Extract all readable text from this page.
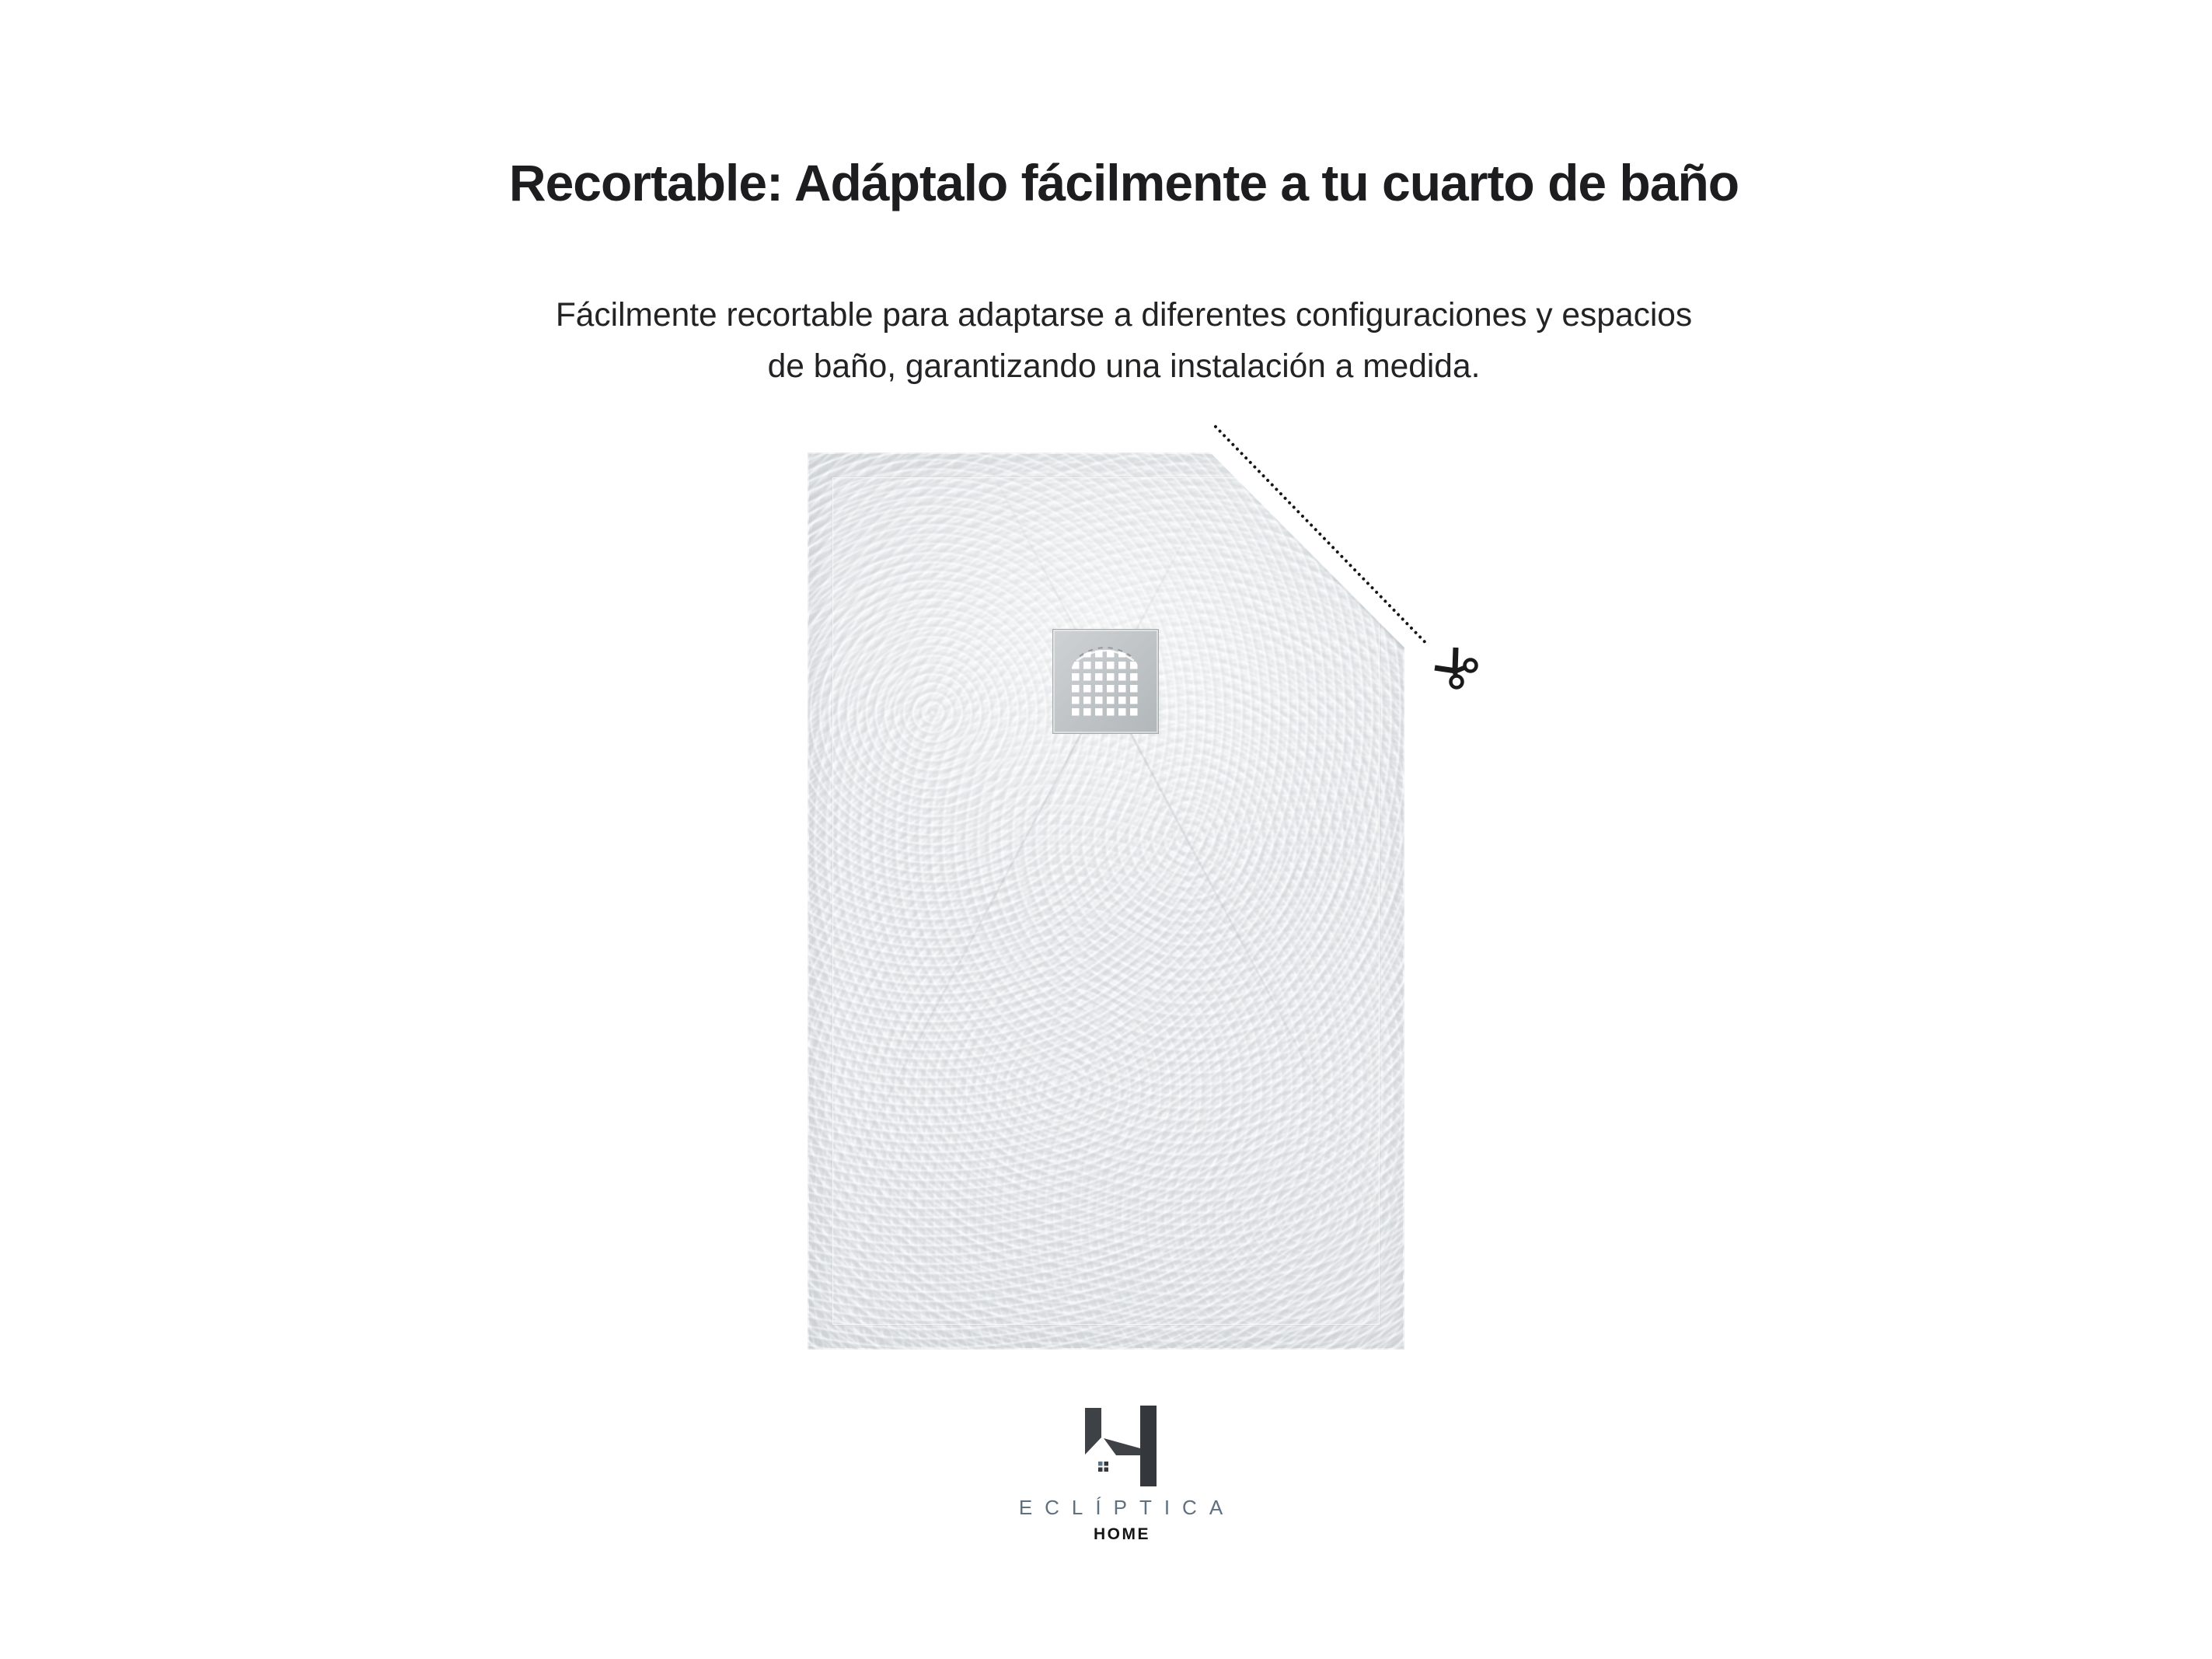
Recortable: Adáptalo fácilmente a tu cuarto de baño

Fácilmente recortable para adaptarse a diferentes configuraciones y espacios
de baño, garantizando una instalación a medida.

ECLÍPTICA
HOME
